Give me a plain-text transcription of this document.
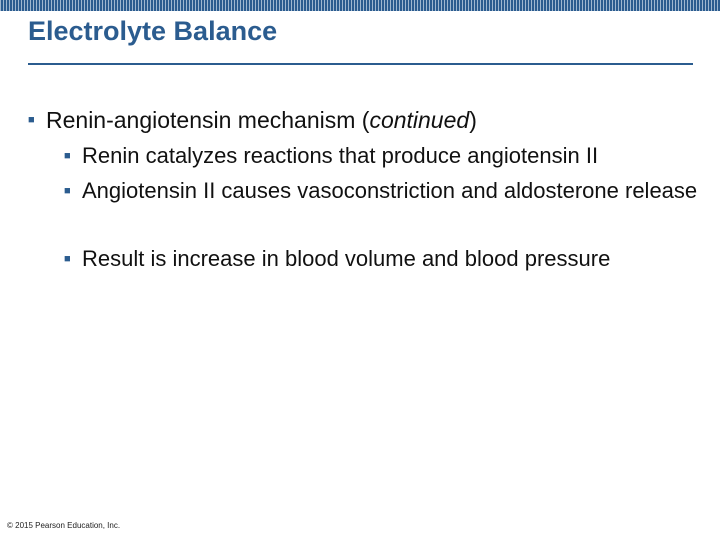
Electrolyte Balance
■ Renin-angiotensin mechanism (continued)
■ Renin catalyzes reactions that produce angiotensin II
■ Angiotensin II causes vasoconstriction and aldosterone release
■ Result is increase in blood volume and blood pressure
© 2015 Pearson Education, Inc.
